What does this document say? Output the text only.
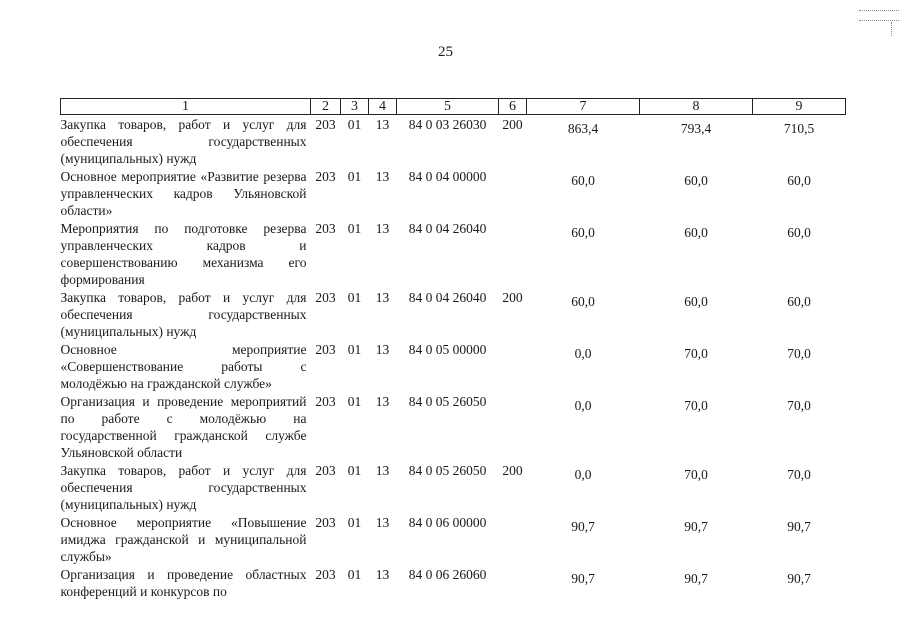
25
1	2	3	4	5	6	7	8	9
Закупка товаров, работ и услуг для обеспечения государственных (муниципальных) нужд	203	01	13	84 0 03 26030	200	863,4	793,4	710,5
Основное мероприятие «Развитие резерва управленческих кадров Ульяновской области»	203	01	13	84 0 04 00000		60,0	60,0	60,0
Мероприятия по подготовке резерва управленческих кадров и совершенствованию механизма его формирования	203	01	13	84 0 04 26040		60,0	60,0	60,0
Закупка товаров, работ и услуг для обеспечения государственных (муниципальных) нужд	203	01	13	84 0 04 26040	200	60,0	60,0	60,0
Основное мероприятие «Совершенствование работы с молодёжью на гражданской службе»	203	01	13	84 0 05 00000		0,0	70,0	70,0
Организация и проведение мероприятий по работе с молодёжью на государственной гражданской службе Ульяновской области	203	01	13	84 0 05 26050		0,0	70,0	70,0
Закупка товаров, работ и услуг для обеспечения государственных (муниципальных) нужд	203	01	13	84 0 05 26050	200	0,0	70,0	70,0
Основное мероприятие «Повышение имиджа гражданской и муниципальной службы»	203	01	13	84 0 06 00000		90,7	90,7	90,7
Организация и проведение областных конференций и конкурсов по	203	01	13	84 0 06 26060		90,7	90,7	90,7
